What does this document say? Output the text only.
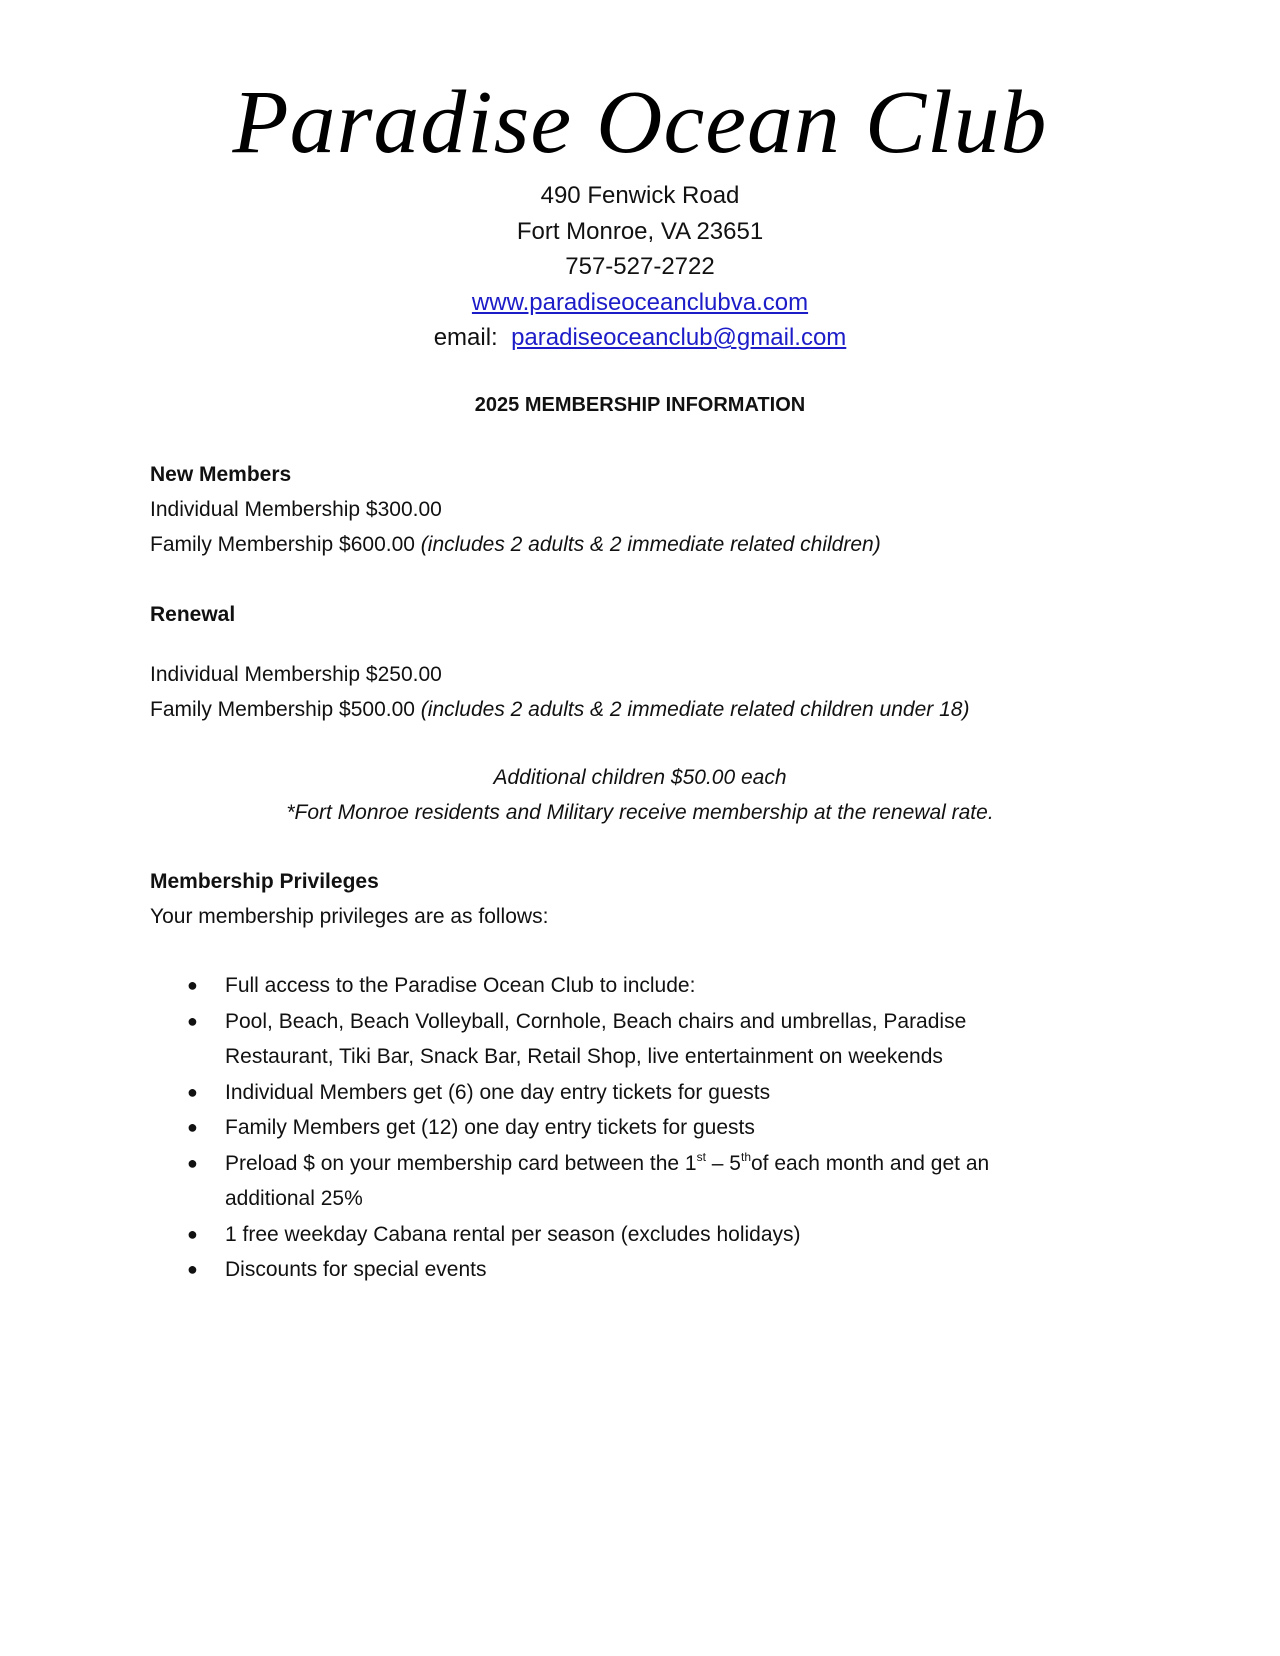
Paradise Ocean Club
490 Fenwick Road
Fort Monroe, VA 23651
757-527-2722
www.paradiseoceanclubva.com
email: paradiseoceanclub@gmail.com
2025 MEMBERSHIP INFORMATION
New Members
Individual Membership $300.00
Family Membership $600.00 (includes 2 adults & 2 immediate related children)
Renewal
Individual Membership $250.00
Family Membership $500.00 (includes 2 adults & 2 immediate related children under 18)
Membership Privileges
Your membership privileges are as follows:
Additional children $50.00 each
*Fort Monroe residents and Military receive membership at the renewal rate.
● Full access to the Paradise Ocean Club to include:
● Pool, Beach, Beach Volleyball, Cornhole, Beach chairs and umbrellas, Paradise
Restaurant, Tiki Bar, Snack Bar, Retail Shop, live entertainment on weekends
● Individual Members get (6) one day entry tickets for guests
● Family Members get (12) one day entry tickets for guests
● Preload $ on your membership card between the 1st – 5thof each month and get an
additional 25%
● 1 free weekday Cabana rental per season (excludes holidays)
● Discounts for special events
